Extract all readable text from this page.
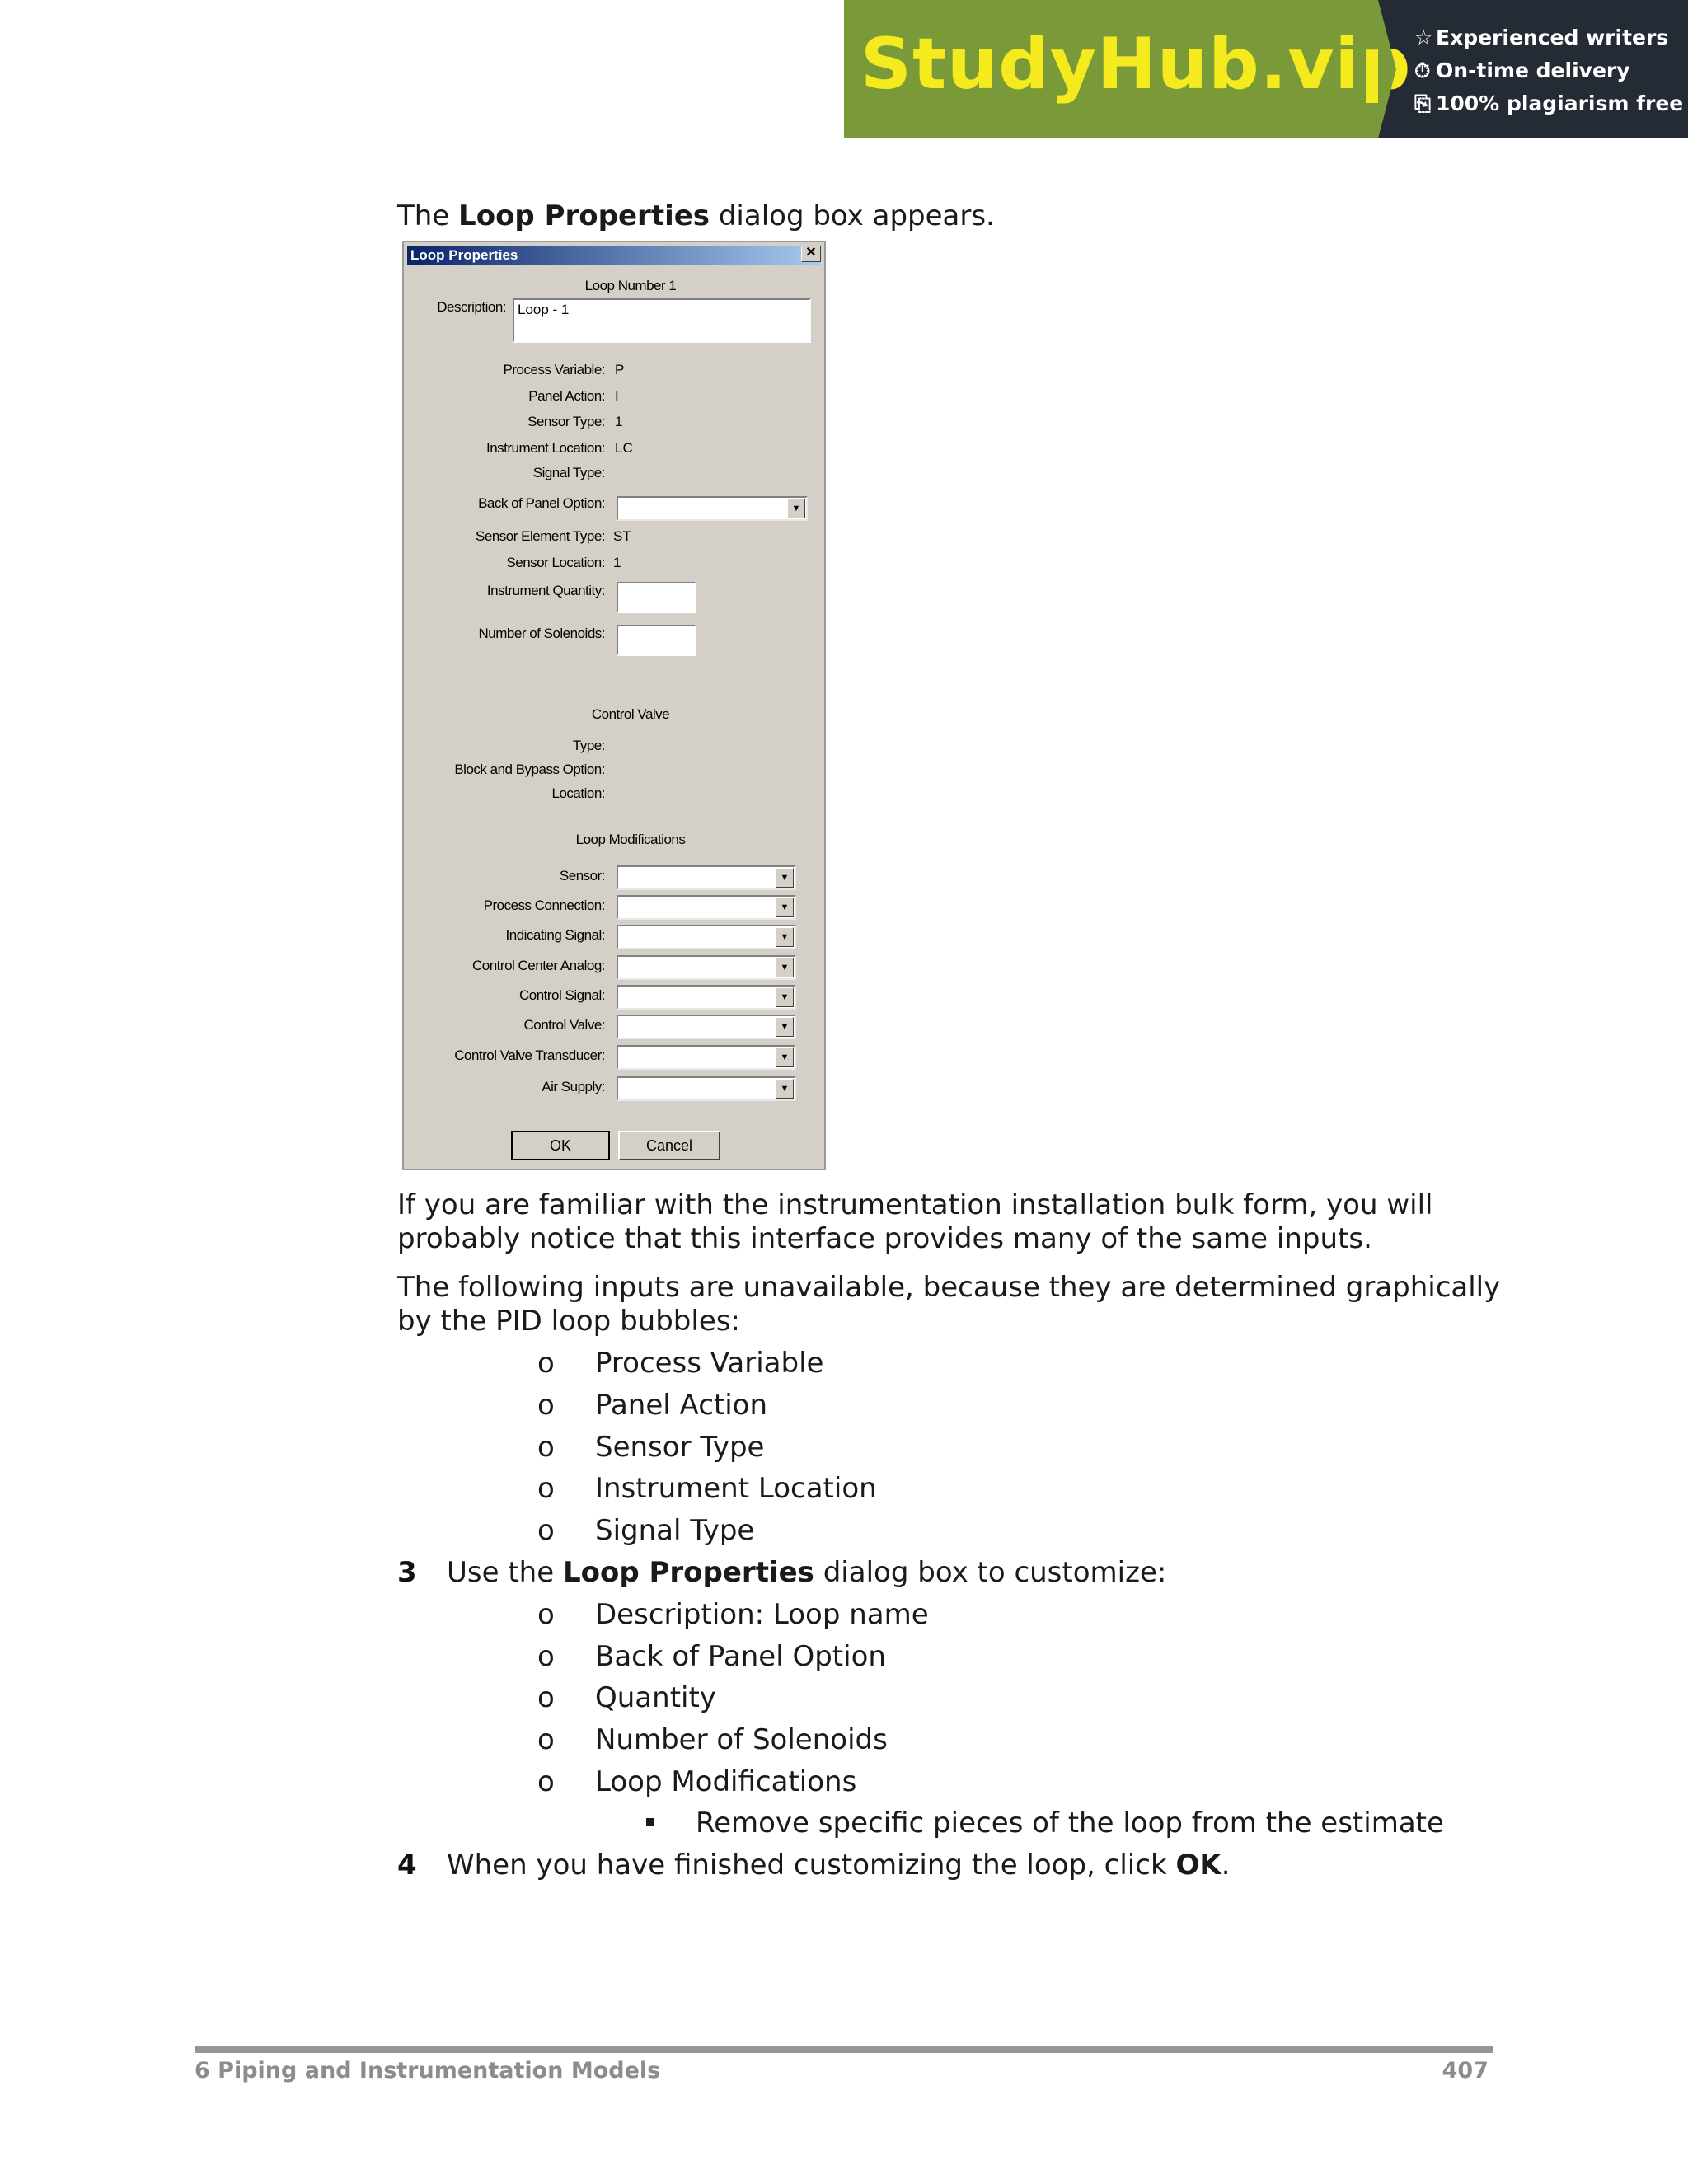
StudyHub.vip ☆ Experienced writers
⏱ On-time delivery
⎘ 100% plagiarism free
The Loop Properties dialog box appears.
Loop Properties	✕
Loop Number 1
Description: Loop - 1
Process Variable: P
Panel Action: I
Sensor Type: 1
Instrument Location: LC
Signal Type:
Back of Panel Option:	▼
Sensor Element Type: ST
Sensor Location: 1
Instrument Quantity:
Number of Solenoids:
Control Valve
Type:
Block and Bypass Option:
Location:
Loop Modifications
Sensor:	▼
Process Connection:	▼
Indicating Signal:	▼
Control Center Analog:	▼
Control Signal:	▼
Control Valve:	▼
Control Valve Transducer:	▼
Air Supply:	▼
OK	Cancel
If you are familiar with the instrumentation installation bulk form, you will probably notice that this interface provides many of the same inputs.
The following inputs are unavailable, because they are determined graphically by the PID loop bubbles:
o Process Variable
o Panel Action
o Sensor Type
o Instrument Location
o Signal Type
3 Use the Loop Properties dialog box to customize:
o Description: Loop name
o Back of Panel Option
o Quantity
o Number of Solenoids
o Loop Modifications
Remove specific pieces of the loop from the estimate
4 When you have finished customizing the loop, click OK.
6 Piping and Instrumentation Models	407
